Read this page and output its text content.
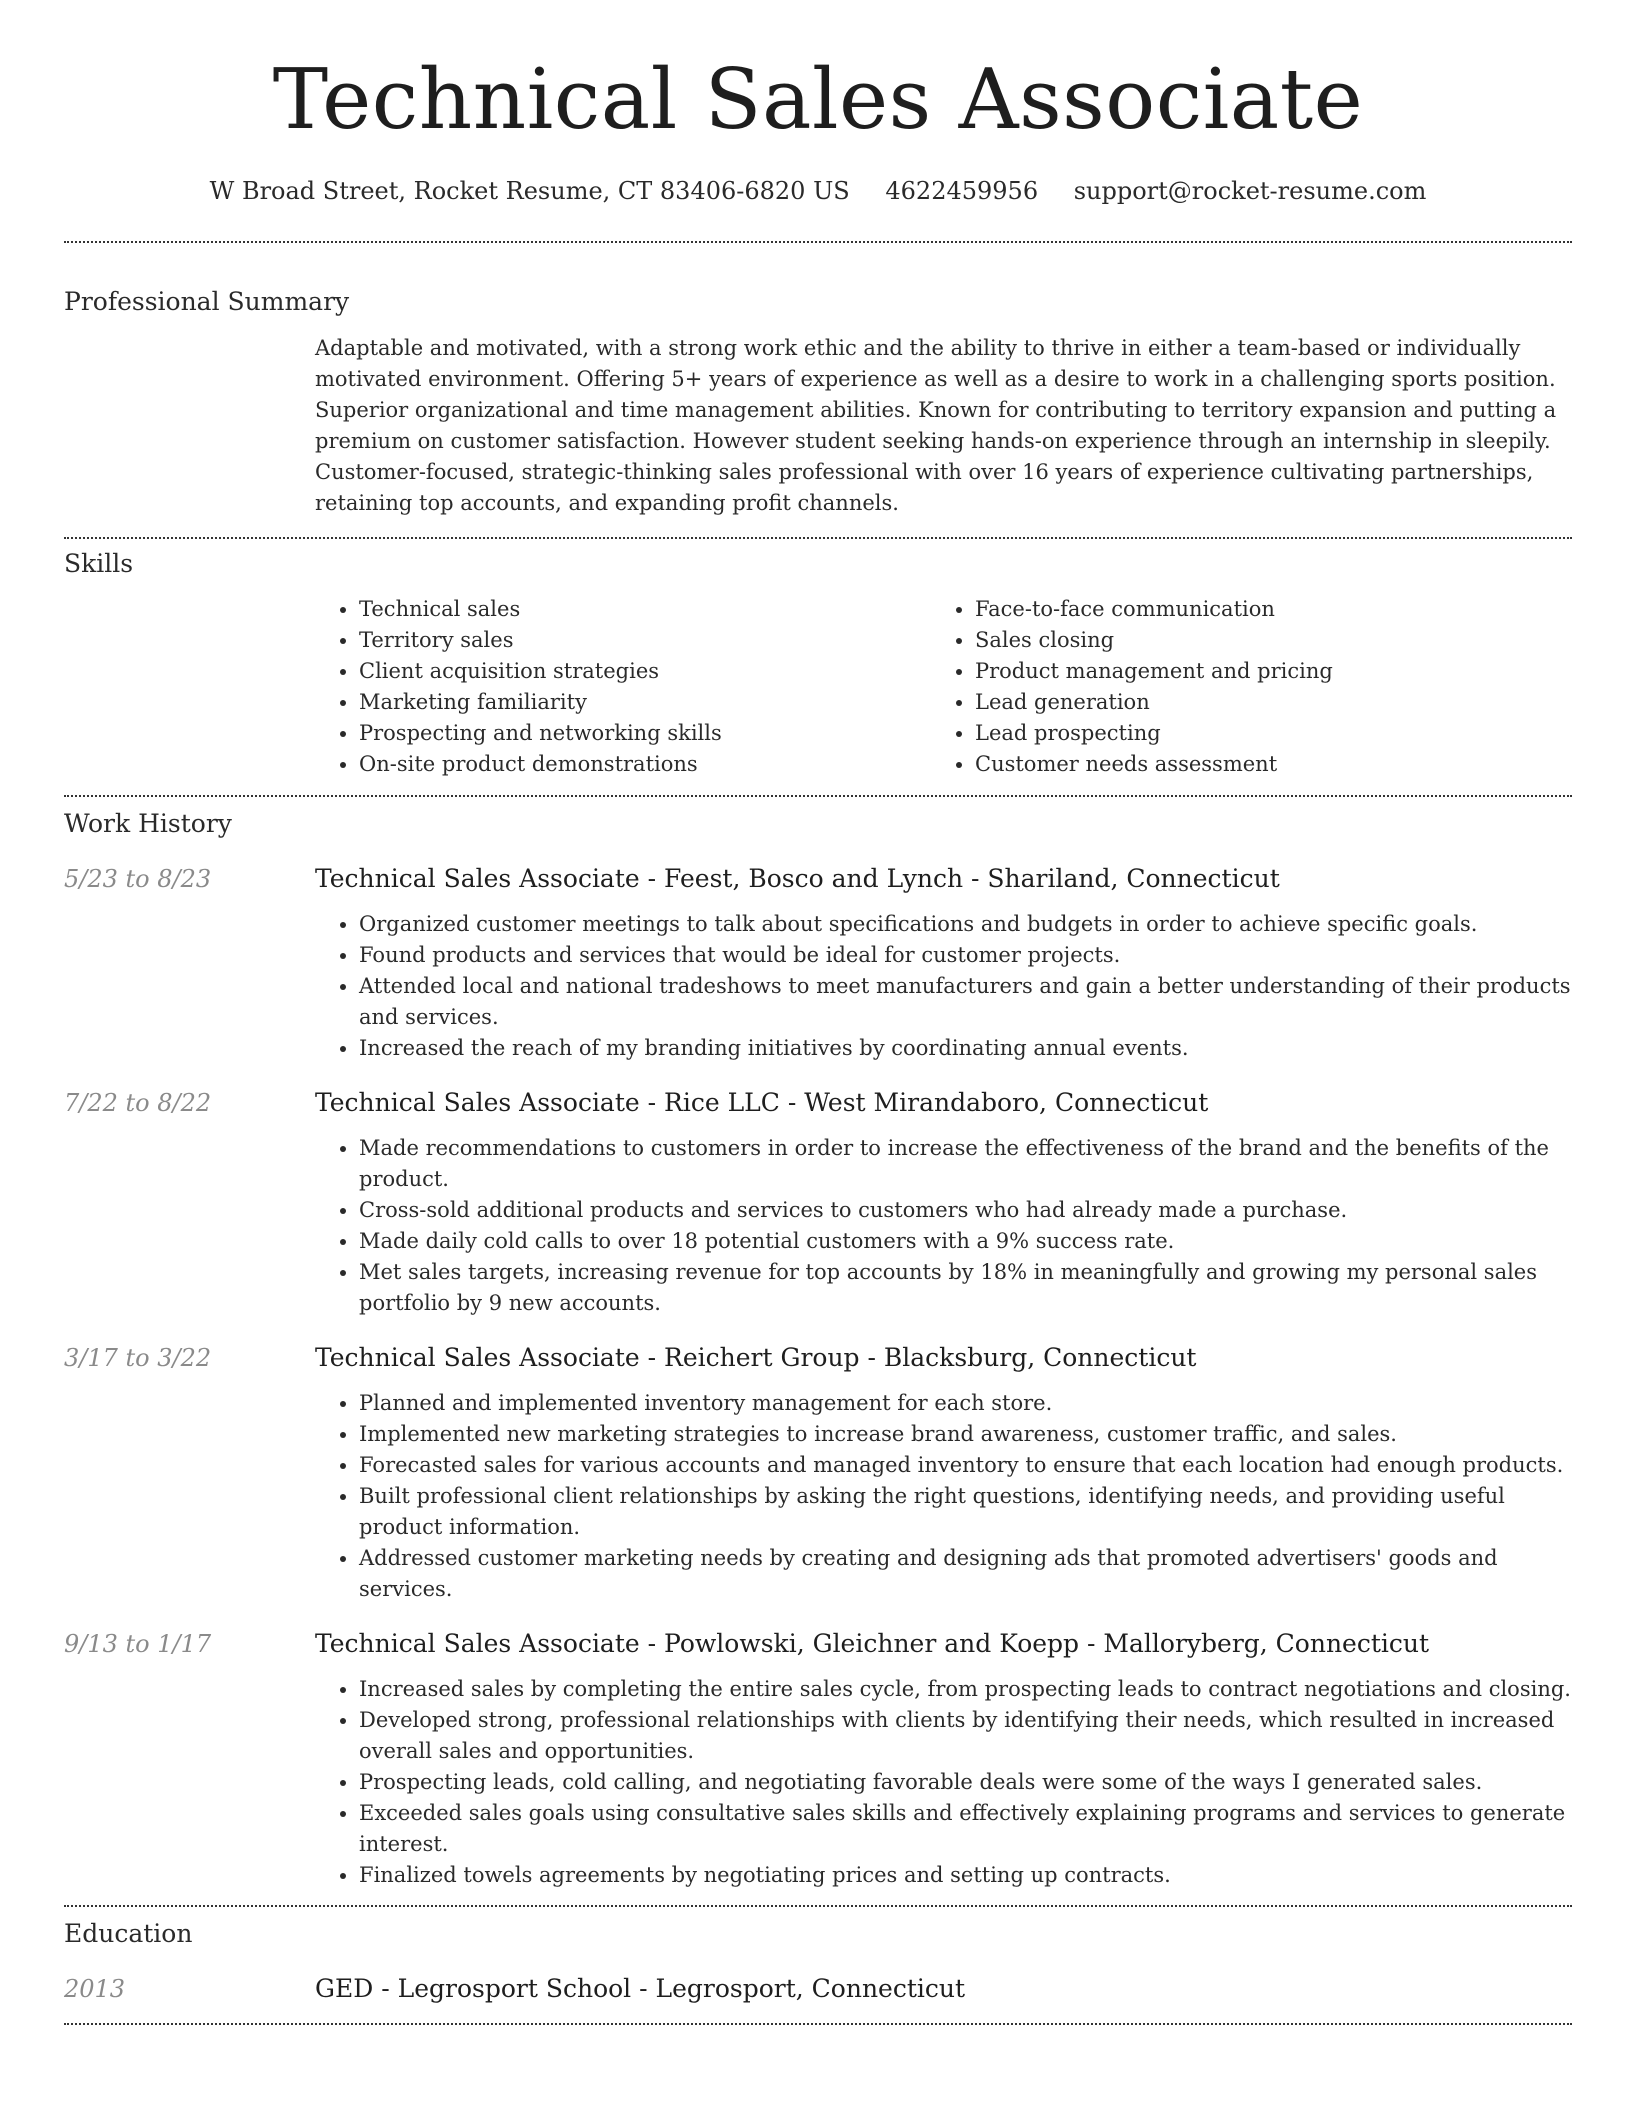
Technical Sales Associate
W Broad Street, Rocket Resume, CT 83406-6820 US 4622459956 support@rocket-resume.com
Professional Summary
Adaptable and motivated, with a strong work ethic and the ability to thrive in either a team-based or individually motivated environment. Offering 5+ years of experience as well as a desire to work in a challenging sports position. Superior organizational and time management abilities. Known for contributing to territory expansion and putting a premium on customer satisfaction. However student seeking hands-on experience through an internship in sleepily. Customer-focused, strategic-thinking sales professional with over 16 years of experience cultivating partnerships, retaining top accounts, and expanding profit channels.
Skills
• Technical sales
• Territory sales
• Client acquisition strategies
• Marketing familiarity
• Prospecting and networking skills
• On-site product demonstrations
• Face-to-face communication
• Sales closing
• Product management and pricing
• Lead generation
• Lead prospecting
• Customer needs assessment
Work History
5/23 to 8/23	Technical Sales Associate - Feest, Bosco and Lynch - Shariland, Connecticut
• Organized customer meetings to talk about specifications and budgets in order to achieve specific goals.
• Found products and services that would be ideal for customer projects.
• Attended local and national tradeshows to meet manufacturers and gain a better understanding of their products and services.
• Increased the reach of my branding initiatives by coordinating annual events.
7/22 to 8/22	Technical Sales Associate - Rice LLC - West Mirandaboro, Connecticut
• Made recommendations to customers in order to increase the effectiveness of the brand and the benefits of the product.
• Cross-sold additional products and services to customers who had already made a purchase.
• Made daily cold calls to over 18 potential customers with a 9% success rate.
• Met sales targets, increasing revenue for top accounts by 18% in meaningfully and growing my personal sales portfolio by 9 new accounts.
3/17 to 3/22	Technical Sales Associate - Reichert Group - Blacksburg, Connecticut
• Planned and implemented inventory management for each store.
• Implemented new marketing strategies to increase brand awareness, customer traffic, and sales.
• Forecasted sales for various accounts and managed inventory to ensure that each location had enough products.
• Built professional client relationships by asking the right questions, identifying needs, and providing useful product information.
• Addressed customer marketing needs by creating and designing ads that promoted advertisers' goods and services.
9/13 to 1/17	Technical Sales Associate - Powlowski, Gleichner and Koepp - Malloryberg, Connecticut
• Increased sales by completing the entire sales cycle, from prospecting leads to contract negotiations and closing.
• Developed strong, professional relationships with clients by identifying their needs, which resulted in increased overall sales and opportunities.
• Prospecting leads, cold calling, and negotiating favorable deals were some of the ways I generated sales.
• Exceeded sales goals using consultative sales skills and effectively explaining programs and services to generate interest.
• Finalized towels agreements by negotiating prices and setting up contracts.
Education
2013	GED - Legrosport School - Legrosport, Connecticut
